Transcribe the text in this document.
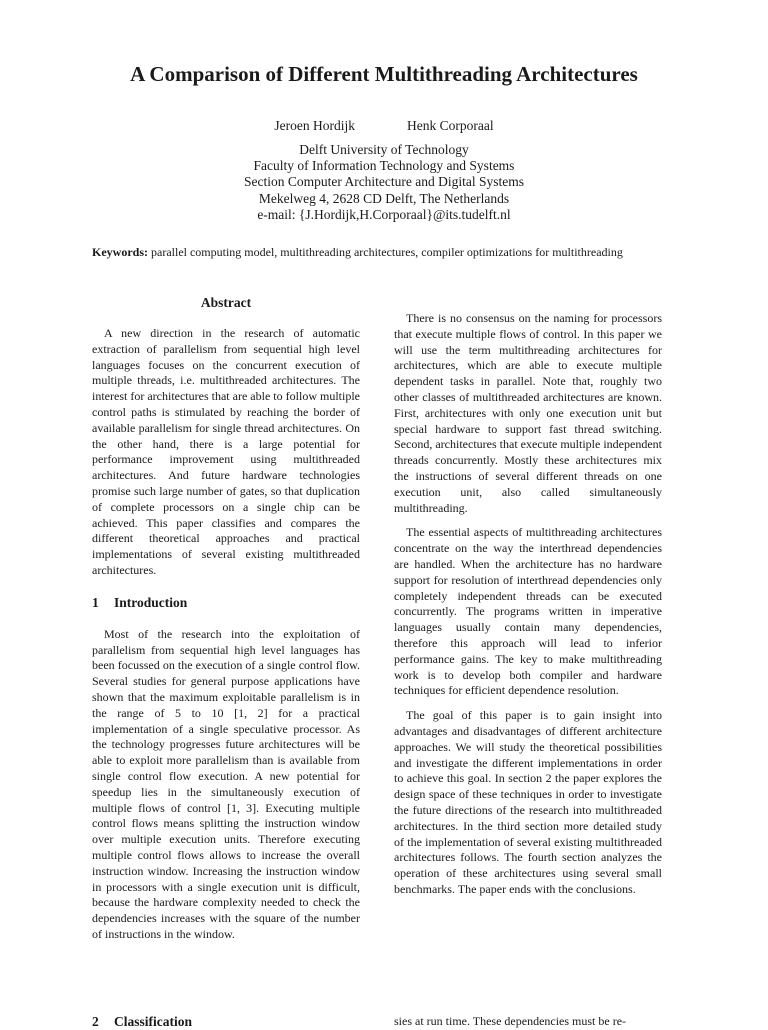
A Comparison of Different Multithreading Architectures
Jeroen Hordijk	Henk Corporaal
Delft University of Technology
Faculty of Information Technology and Systems
Section Computer Architecture and Digital Systems
Mekelweg 4, 2628 CD Delft, The Netherlands
e-mail: {J.Hordijk,H.Corporaal}@its.tudelft.nl
Keywords: parallel computing model, multithreading architectures, compiler optimizations for multithreading
Abstract

A new direction in the research of automatic extraction of parallelism from sequential high level languages focuses on the concurrent execution of multiple threads, i.e. multithreaded architectures. The interest for architectures that are able to follow multiple control paths is stimulated by reaching the border of available parallelism for single thread architectures. On the other hand, there is a large potential for performance improvement using multithreaded architectures. And future hardware technologies promise such large number of gates, so that duplication of complete processors on a single chip can be achieved. This paper classifies and compares the different theoretical approaches and practical implementations of several existing multithreaded architectures.

1 Introduction

Most of the research into the exploitation of parallelism from sequential high level languages has been focussed on the execution of a single control flow. Several studies for general purpose applications have shown that the maximum exploitable parallelism is in the range of 5 to 10 [1, 2] for a practical implementation of a single speculative processor. As the technology progresses future architectures will be able to exploit more parallelism than is available from single control flow execution. A new potential for speedup lies in the simultaneously execution of multiple flows of control [1, 3]. Executing multiple control flows means splitting the instruction window over multiple execution units. Therefore executing multiple control flows allows to increase the overall instruction window. Increasing the instruction window in processors with a single execution unit is difficult, because the hardware complexity needed to check the dependencies increases with the square of the number of instructions in the window.

There is no consensus on the naming for processors that execute multiple flows of control. In this paper we will use the term multithreading architectures for architectures, which are able to execute multiple dependent tasks in parallel. Note that, roughly two other classes of multithreaded architectures are known. First, architectures with only one execution unit but special hardware to support fast thread switching. Second, architectures that execute multiple independent threads concurrently. Mostly these architectures mix the instructions of several different threads on one execution unit, also called simultaneously multithreading.

The essential aspects of multithreading architectures concentrate on the way the interthread dependencies are handled. When the architecture has no hardware support for resolution of interthread dependencies only completely independent threads can be executed concurrently. The programs written in imperative languages usually contain many dependencies, therefore this approach will lead to inferior performance gains. The key to make multithreading work is to develop both compiler and hardware techniques for efficient dependence resolution.

The goal of this paper is to gain insight into advantages and disadvantages of different architecture approaches. We will study the theoretical possibilities and investigate the different implementations in order to achieve this goal. In section 2 the paper explores the design space of these techniques in order to investigate the future directions of the research into multithreaded architectures. In the third section more detailed study of the implementation of several existing multithreaded architectures follows. The fourth section analyzes the operation of these architectures using several small benchmarks. The paper ends with the conclusions.

2 Classification	sies at run time. These dependencies must be re-
